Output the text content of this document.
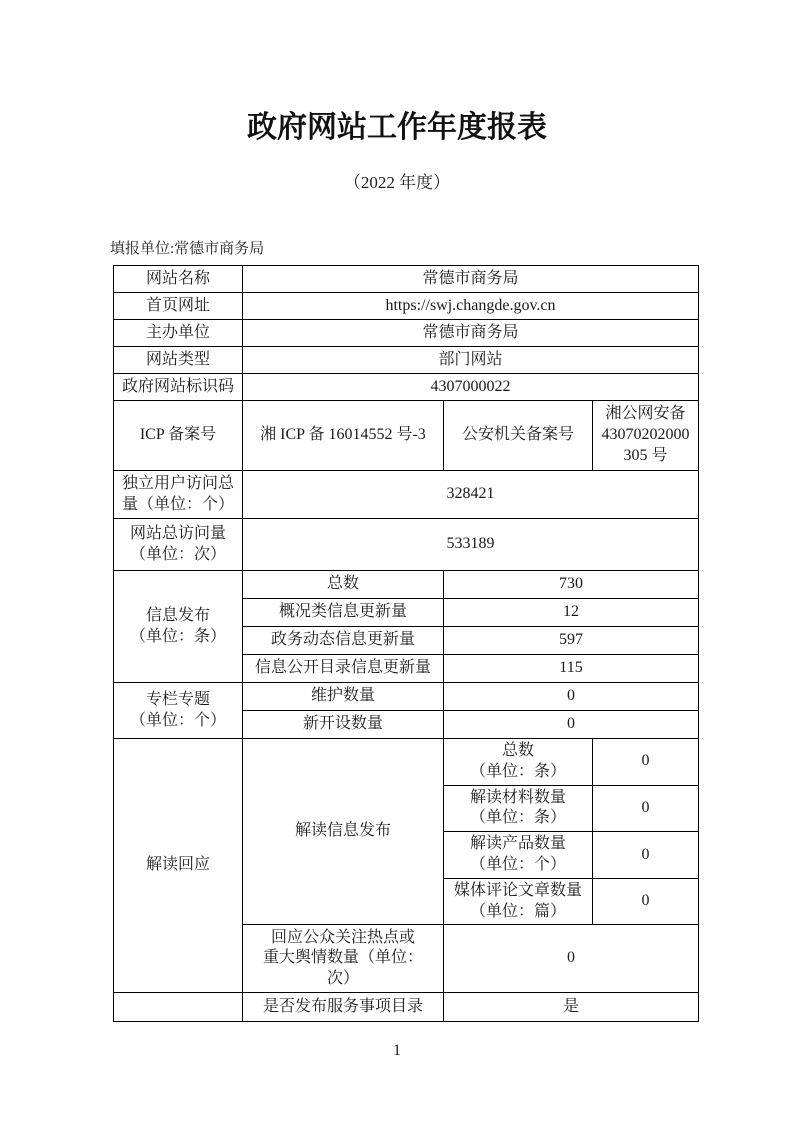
政府网站工作年度报表
（2022 年度）
填报单位:常德市商务局
网站名称	常德市商务局		
首页网址	https://swj.changde.gov.cn		
主办单位	常德市商务局		
网站类型	部门网站		
政府网站标识码	4307000022		
ICP 备案号	湘 ICP 备 16014552 号-3	公安机关备案号	湘公网安备
43070202000
305 号

独立用户访问总
量（单位：个）	328421		

网站总访问量
（单位：次）	533189		

信息发布
（单位：条）	总数	730	
	概况类信息更新量	12	
	政务动态信息更新量	597	
	信息公开目录信息更新量	115	

专栏专题
（单位：个）	维护数量	0	
	新开设数量	0	
解读回应	解读信息发布	总数
（单位：条）	0

		解读材料数量
（单位：条）	0

		解读产品数量
（单位：个）	0

		媒体评论文章数量
（单位：篇）	0

	回应公众关注热点或
重大舆情数量（单位：
次）	0	
	是否发布服务事项目录	是	
1
